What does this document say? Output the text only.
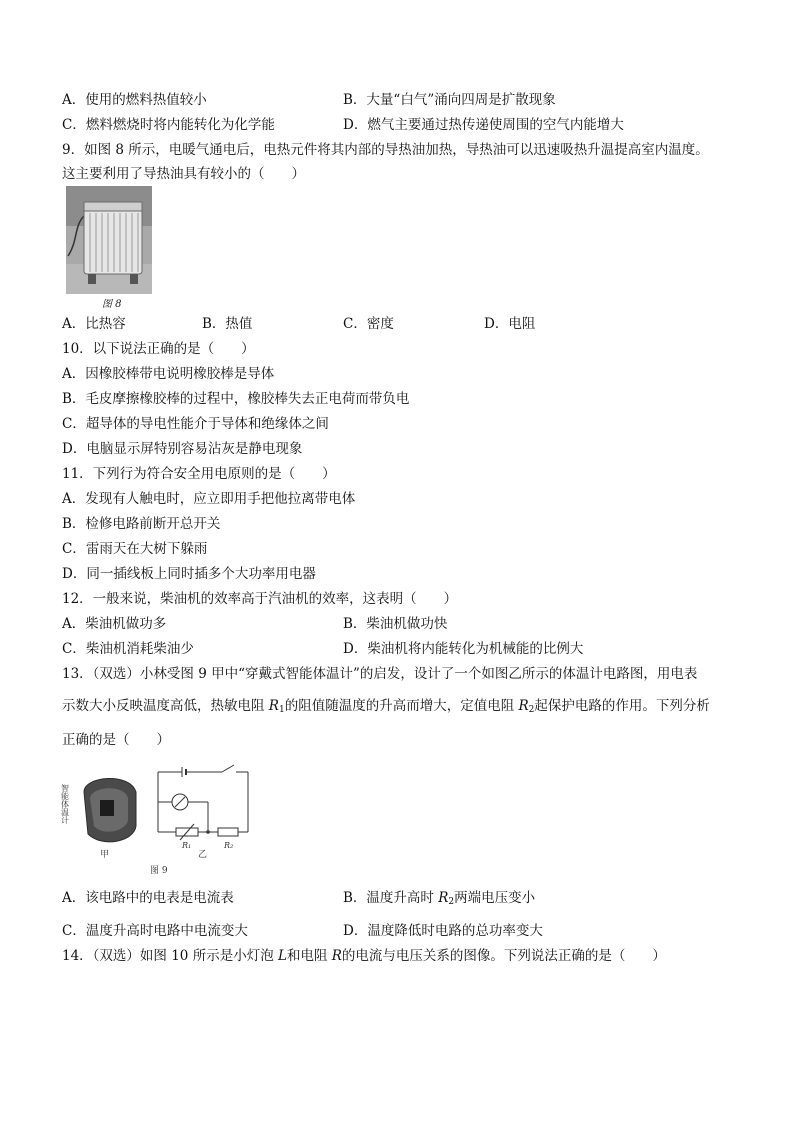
A．使用的燃料热值较小	B．大量“白气”涌向四周是扩散现象
C．燃料燃烧时将内能转化为化学能	D．燃气主要通过热传递使周围的空气内能增大
9．如图 8 所示，电暖气通电后，电热元件将其内部的导热油加热，导热油可以迅速吸热升温提高室内温度。
这主要利用了导热油具有较小的（　　）
图 8
A．比热容	B．热值	C．密度	D．电阻
10．以下说法正确的是（　　）
A．因橡胶棒带电说明橡胶棒是导体
B．毛皮摩擦橡胶棒的过程中，橡胶棒失去正电荷而带负电
C．超导体的导电性能介于导体和绝缘体之间
D．电脑显示屏特别容易沾灰是静电现象
11．下列行为符合安全用电原则的是（　　）
A．发现有人触电时，应立即用手把他拉离带电体
B．检修电路前断开总开关
C．雷雨天在大树下躲雨
D．同一插线板上同时插多个大功率用电器
12．一般来说，柴油机的效率高于汽油机的效率，这表明（　　）
A．柴油机做功多	B．柴油机做功快
C．柴油机消耗柴油少	D．柴油机将内能转化为机械能的比例大
13．（双选）小林受图 9 甲中“穿戴式智能体温计”的启发，设计了一个如图乙所示的体温计电路图，用电表
示数大小反映温度高低，热敏电阻 $R_1$的阻值随温度的升高而增大，定值电阻 $R_2$起保护电路的作用。下列分析
正确的是（　　）
智能体温计
甲
R₁	R₂
乙
图 9
A．该电路中的电表是电流表	B．温度升高时 $R_2$两端电压变小
C．温度升高时电路中电流变大	D．温度降低时电路的总功率变大
14．（双选）如图 10 所示是小灯泡 L和电阻 R的电流与电压关系的图像。下列说法正确的是（　　）
